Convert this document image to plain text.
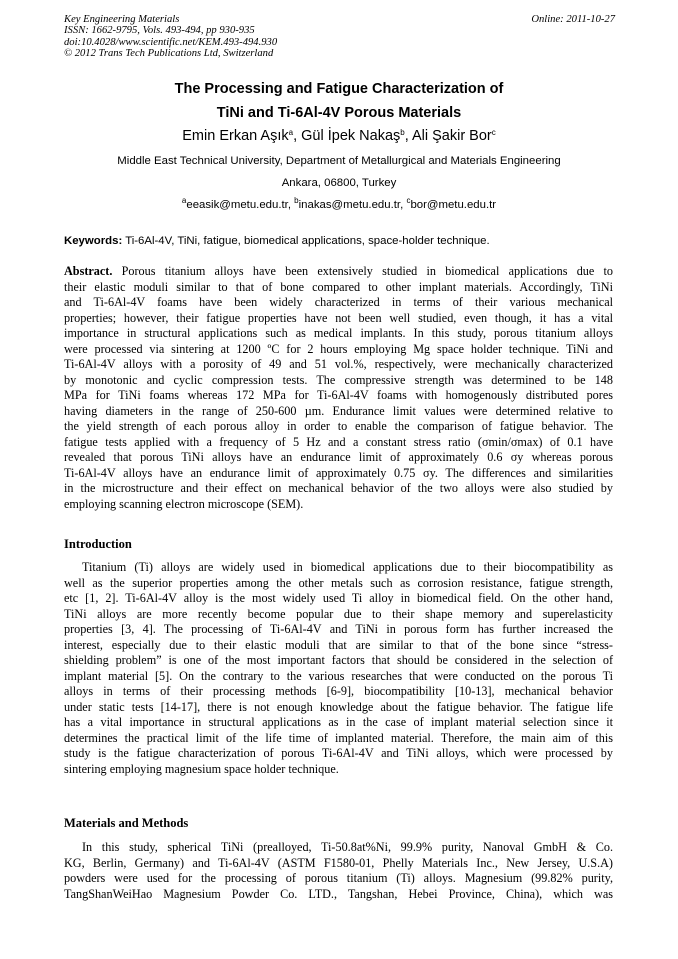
Key Engineering Materials
ISSN: 1662-9795, Vols. 493-494, pp 930-935
doi:10.4028/www.scientific.net/KEM.493-494.930
© 2012 Trans Tech Publications Ltd, Switzerland
Online: 2011-10-27
The Processing and Fatigue Characterization of
TiNi and Ti-6Al-4V Porous Materials
Emin Erkan Aşık$^a$, Gül İpek Nakaş$^b$, Ali Şakir Bor$^c$
Middle East Technical University, Department of Metallurgical and Materials Engineering
Ankara, 06800, Turkey
$^a$eeasik@metu.edu.tr, $^b$inakas@metu.edu.tr, $^c$bor@metu.edu.tr
Keywords: Ti-6Al-4V, TiNi, fatigue, biomedical applications, space-holder technique.
Abstract. Porous titanium alloys have been extensively studied in biomedical applications due to
their elastic moduli similar to that of bone compared to other implant materials. Accordingly, TiNi
and Ti-6Al-4V foams have been widely characterized in terms of their various mechanical
properties; however, their fatigue properties have not been well studied, even though, it has a vital
importance in structural applications such as medical implants. In this study, porous titanium alloys
were processed via sintering at 1200 ºC for 2 hours employing Mg space holder technique. TiNi and
Ti-6Al-4V alloys with a porosity of 49 and 51 vol.%, respectively, were mechanically characterized
by monotonic and cyclic compression tests. The compressive strength was determined to be 148
MPa for TiNi foams whereas 172 MPa for Ti-6Al-4V foams with homogenously distributed pores
having diameters in the range of 250-600 µm. Endurance limit values were determined relative to
the yield strength of each porous alloy in order to enable the comparison of fatigue behavior. The
fatigue tests applied with a frequency of 5 Hz and a constant stress ratio (σmin/σmax) of 0.1 have
revealed that porous TiNi alloys have an endurance limit of approximately 0.6 σy whereas porous
Ti-6Al-4V alloys have an endurance limit of approximately 0.75 σy. The differences and similarities
in the microstructure and their effect on mechanical behavior of the two alloys were also studied by
employing scanning electron microscope (SEM).
Introduction
Titanium (Ti) alloys are widely used in biomedical applications due to their biocompatibility as
well as the superior properties among the other metals such as corrosion resistance, fatigue strength,
etc [1, 2]. Ti-6Al-4V alloy is the most widely used Ti alloy in biomedical field. On the other hand,
TiNi alloys are more recently become popular due to their shape memory and superelasticity
properties [3, 4]. The processing of Ti-6Al-4V and TiNi in porous form has further increased the
interest, especially due to their elastic moduli that are similar to that of the bone since “stress-
shielding problem” is one of the most important factors that should be considered in the selection of
implant material [5]. On the contrary to the various researches that were conducted on the porous Ti
alloys in terms of their processing methods [6-9], biocompatibility [10-13], mechanical behavior
under static tests [14-17], there is not enough knowledge about the fatigue behavior. The fatigue life
has a vital importance in structural applications as in the case of implant material selection since it
determines the practical limit of the life time of implanted material. Therefore, the main aim of this
study is the fatigue characterization of porous Ti-6Al-4V and TiNi alloys, which were processed by
sintering employing magnesium space holder technique.
Materials and Methods
In this study, spherical TiNi (prealloyed, Ti-50.8at%Ni, 99.9% purity, Nanoval GmbH & Co.
KG, Berlin, Germany) and Ti-6Al-4V (ASTM F1580-01, Phelly Materials Inc., New Jersey, U.S.A)
powders were used for the processing of porous titanium (Ti) alloys. Magnesium (99.82% purity,
TangShanWeiHao Magnesium Powder Co. LTD., Tangshan, Hebei Province, China), which was
